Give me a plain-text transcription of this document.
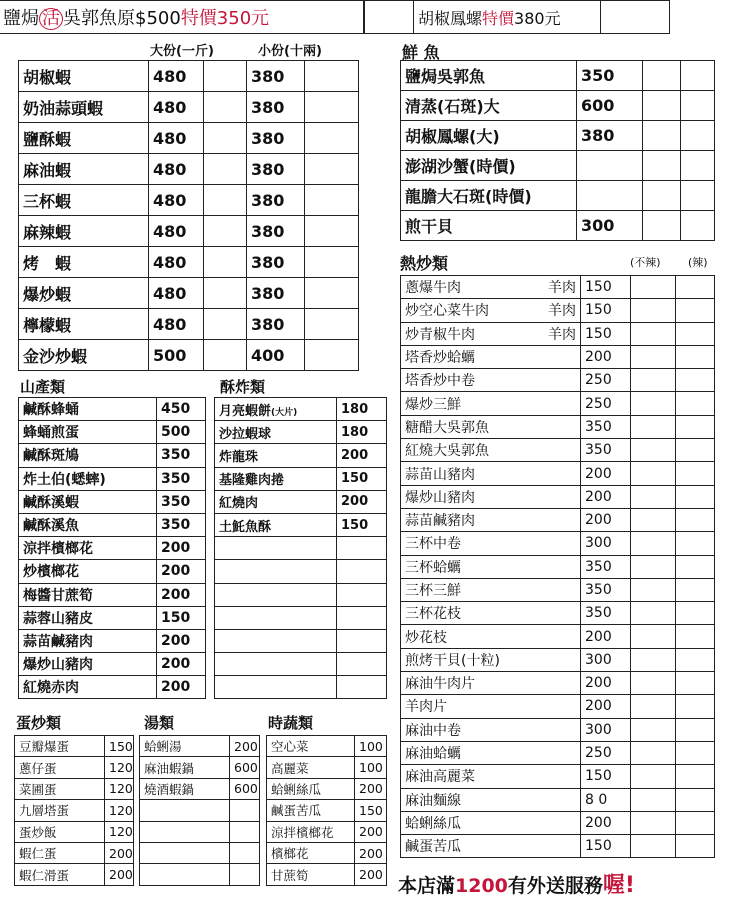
鹽焗 活 吳郭魚原$500特價350元
		胡椒鳳螺特價380元	
大份(一斤)	小份(十兩)
胡椒蝦	480		380	
奶油蒜頭蝦	480		380	
鹽酥蝦	480		380	
麻油蝦	480		380	
三杯蝦	480		380	
麻辣蝦	480		380	
烤　蝦	480		380	
爆炒蝦	480		380	
檸檬蝦	480		380	
金沙炒蝦	500		400	
鮮 魚
鹽焗吳郭魚	350		
清蒸(石斑)大	600		
胡椒鳳螺(大)	380		
澎湖沙蟹(時價)			
龍膽大石斑(時價)			
煎干貝	300		
熱炒類	(不辣) (辣)
蔥爆牛肉 羊肉	150		
炒空心菜牛肉 羊肉	150		
炒青椒牛肉 羊肉	150		
塔香炒蛤蠣	200		
塔香炒中卷	250		
爆炒三鮮	250		
糖醋大吳郭魚	350		
紅燒大吳郭魚	350		
蒜苗山豬肉	200		
爆炒山豬肉	200		
蒜苗鹹豬肉	200		
三杯中卷	300		
三杯蛤蠣	350		
三杯三鮮	350		
三杯花枝	350		
炒花枝	200		
煎烤干貝(十粒)	300		
麻油牛肉片	200		
羊肉片	200		
麻油中卷	300		
麻油蛤蠣	250		
麻油高麗菜	150		
麻油麵線	8 0		
蛤蜊絲瓜	200		
鹹蛋苦瓜	150		
山產類
鹹酥蜂蛹	450
蜂蛹煎蛋	500
鹹酥斑鳩	350
炸土伯(蟋蟀)	350
鹹酥溪蝦	350
鹹酥溪魚	350
涼拌檳榔花	200
炒檳榔花	200
梅醬甘蔗筍	200
蒜蓉山豬皮	150
蒜苗鹹豬肉	200
爆炒山豬肉	200
紅燒赤肉	200
酥炸類
月亮蝦餅(大片)	180
沙拉蝦球	180
炸龍珠	200
基隆雞肉捲	150
紅燒肉	200
土魠魚酥	150

蛋炒類
豆瓣爆蛋	150
蔥仔蛋	120
菜圃蛋	120
九層塔蛋	120
蛋炒飯	120
蝦仁蛋	200
蝦仁滑蛋	200
湯類
蛤蜊湯	200
麻油蝦鍋	600
燒酒蝦鍋	600

時蔬類
空心菜	100
高麗菜	100
蛤蜊絲瓜	200
鹹蛋苦瓜	150
涼拌檳榔花	200
檳榔花	200
甘蔗筍	200
本店滿1200有外送服務喔!
